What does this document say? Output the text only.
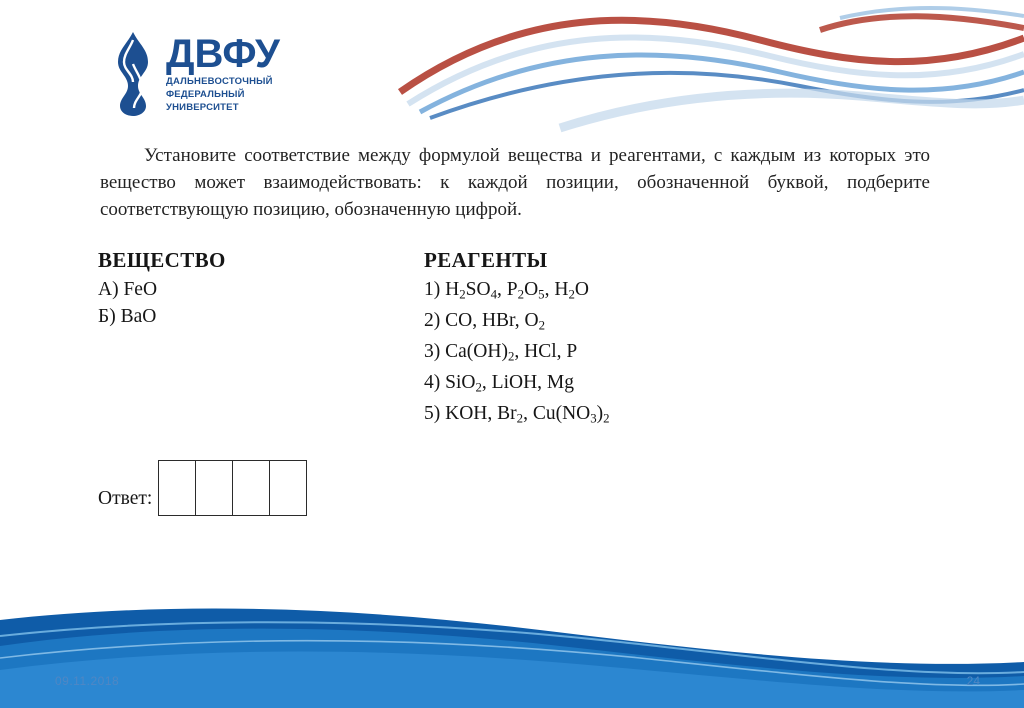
ДВФУ
ДАЛЬНЕВОСТОЧНЫЙ
ФЕДЕРАЛЬНЫЙ
УНИВЕРСИТЕТ
Установите соответствие между формулой вещества и реагентами, с каждым из которых это вещество может взаимодействовать: к каждой позиции, обозначенной буквой, подберите соответствующую позицию, обозначенную цифрой.
ВЕЩЕСТВО
А) FeO
Б) BaO
РЕАГЕНТЫ
1) $H_2SO_4$, $P_2O_5$, $H_2O$
2) CO, HBr, $O_2$
3) $Ca(OH)_2$, HCl, P
4) SiO$_2$, LiOH, Mg
5) KOH, $Br_2$, $Cu(NO_3)_2$
Ответ:
09.11.2018	24
